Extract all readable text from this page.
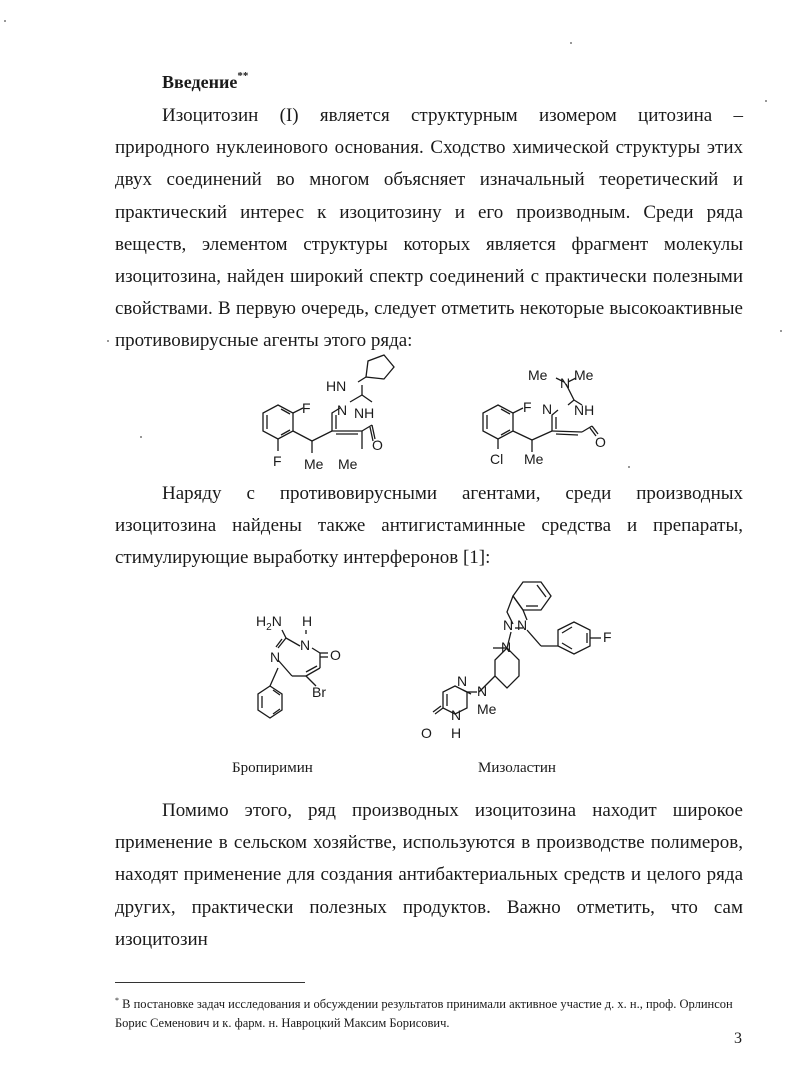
Введение**

Изоцитозин (I) является структурным изомером цитозина – природного нуклеинового основания. Сходство химической структуры этих двух соединений во многом объясняет изначальный теоретический и практический интерес к изоцитозину и его производным. Среди ряда веществ, элементом структуры которых является фрагмент молекулы изоцитозина, найден широкий спектр соединений с практически полезными свойствами. В первую очередь, следует отметить некоторые высокоактивные противовирусные агенты этого ряда:

F
F
HN
N NH
O
Me Me
Me N Me
F N NH
O
Cl Me

Наряду с противовирусными агентами, среди производных изоцитозина найдены также антигистаминные средства и препараты, стимулирующие выработку интерферонов [1]:

$H_2N$ H
N
N	O
Br
N
N
F
N
N
N
Me
N
O H
Бропиримин	Мизоластин

Помимо этого, ряд производных изоцитозина находит широкое применение в сельском хозяйстве, используются в производстве полимеров, находят применение для создания антибактериальных средств и целого ряда других, практически полезных продуктов. Важно отметить, что сам изоцитозин

* В постановке задач исследования и обсуждении результатов принимали активное участие д. х. н., проф. Орлинсон Борис Семенович и к. фарм. н. Навроцкий Максим Борисович.
3
